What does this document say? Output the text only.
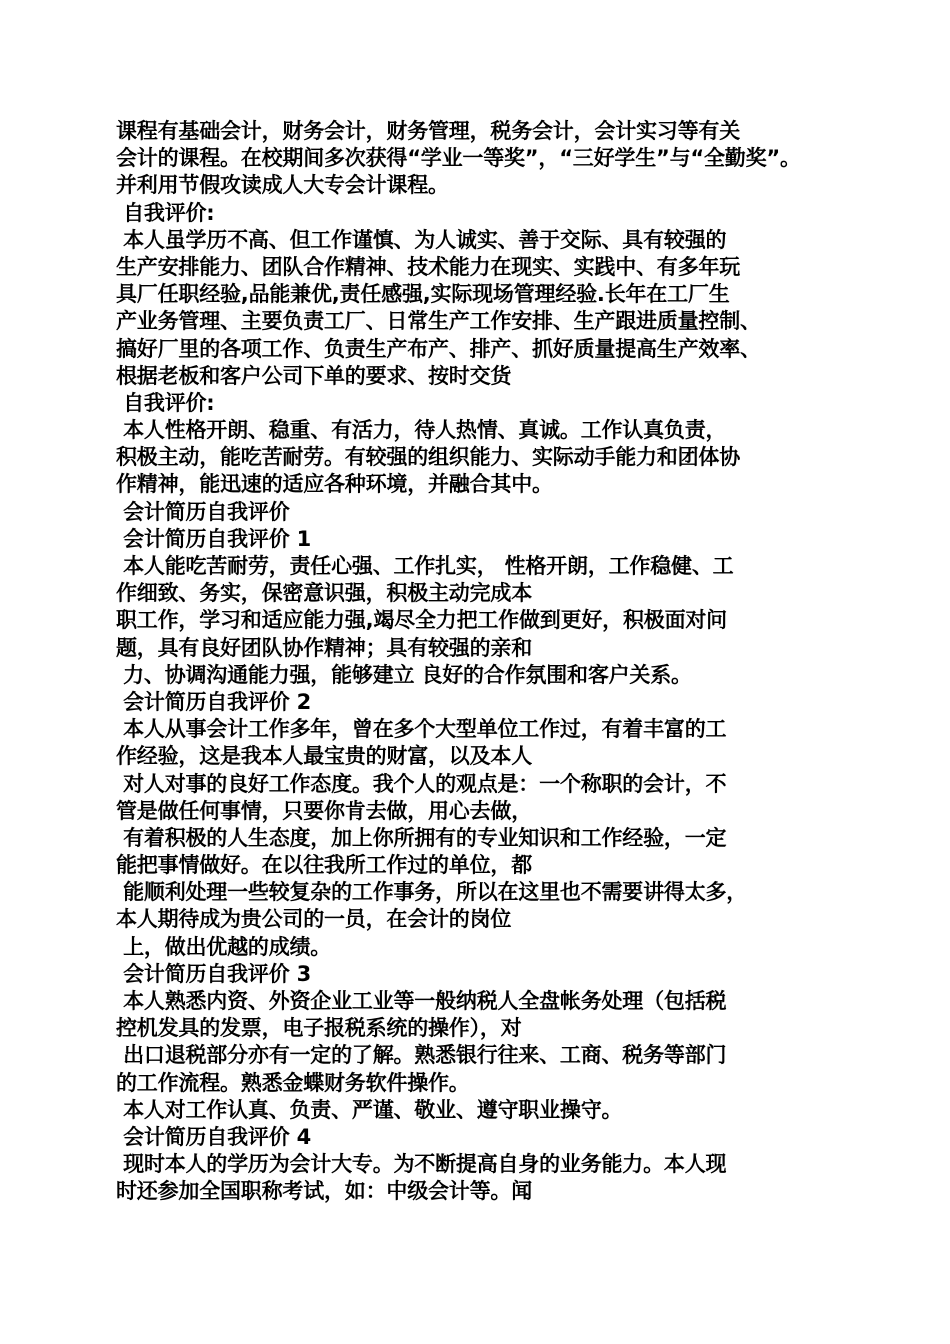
课程有基础会计，财务会计，财务管理，税务会计，会计实习等有关
会计的课程。在校期间多次获得“学业一等奖”，“三好学生”与“全勤奖”。
并利用节假攻读成人大专会计课程。
自我评价:
本人虽学历不高、但工作谨慎、为人诚实、善于交际、具有较强的
生产安排能力、团队合作精神、技术能力在现实、实践中、有多年玩
具厂任职经验,品能兼优,责任感强,实际现场管理经验.长年在工厂生
产业务管理、主要负责工厂、日常生产工作安排、生产跟进质量控制、
搞好厂里的各项工作、负责生产布产、排产、抓好质量提高生产效率、
根据老板和客户公司下单的要求、按时交货
自我评价:
本人性格开朗、稳重、有活力，待人热情、真诚。工作认真负责，
积极主动，能吃苦耐劳。有较强的组织能力、实际动手能力和团体协
作精神，能迅速的适应各种环境，并融合其中。
会计简历自我评价
会计简历自我评价 1
本人能吃苦耐劳，责任心强、工作扎实， 性格开朗，工作稳健、工
作细致、务实，保密意识强，积极主动完成本
职工作，学习和适应能力强,竭尽全力把工作做到更好，积极面对问
题，具有良好团队协作精神；具有较强的亲和
力、协调沟通能力强，能够建立 良好的合作氛围和客户关系。
会计简历自我评价 2
本人从事会计工作多年，曾在多个大型单位工作过，有着丰富的工
作经验，这是我本人最宝贵的财富，以及本人
对人对事的良好工作态度。我个人的观点是：一个称职的会计，不
管是做任何事情，只要你肯去做，用心去做，
有着积极的人生态度，加上你所拥有的专业知识和工作经验，一定
能把事情做好。在以往我所工作过的单位，都
能顺利处理一些较复杂的工作事务，所以在这里也不需要讲得太多，
本人期待成为贵公司的一员，在会计的岗位
上，做出优越的成绩。
会计简历自我评价 3
本人熟悉内资、外资企业工业等一般纳税人全盘帐务处理（包括税
控机发具的发票，电子报税系统的操作），对
出口退税部分亦有一定的了解。熟悉银行往来、工商、税务等部门
的工作流程。熟悉金蝶财务软件操作。
本人对工作认真、负责、严谨、敬业、遵守职业操守。
会计简历自我评价 4
现时本人的学历为会计大专。为不断提高自身的业务能力。本人现
时还参加全国职称考试，如：中级会计等。闻
